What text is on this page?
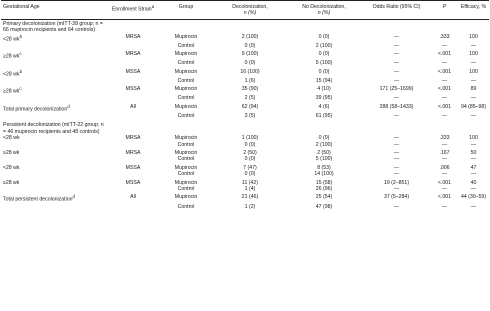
Gestational Age	Enrollment Strain$^a$	Group	Decolonization,
n (%)	No Decolonization,
n (%)	Odds Ratio (95% CI)	P	Efficacy, %
Primary decolonization (mITT-38 group; n = 66 mupirocin recipients and 64 controls)							
<28 $wk^b$	MRSA	Mupirocin	2 (100)	0 (0)	—	.333	100
		Control	0 (0)	2 (100)	—	—	—
≥28 $wk^c$	MRSA	Mupirocin	9 (100)	0 (0)	—	<.001	100
		Control	0 (0)	5 (100)	—	—	—
<28 $wk^b$	MSSA	Mupirocin	16 (100)	0 (0)	—	<.001	100
		Control	1 (6)	15 (94)	—	—	—
≥28 $wk^c$	MSSA	Mupirocin	35 (90)	4 (10)	171 (25–1699)	<.001	89
		Control	2 (5)	39 (95)	—	—	—
Total primary decolonization$^d$	All	Mupirocin	62 (94)	4 (6)	288 (58–1433)	<.001	94 (85–98)
		Control	3 (5)	61 (95)	—	—	—
Persistent decolonization (mITT-22 group; n = 46 mupirocin recipients and 48 controls)							
<28 wk	MRSA	Mupirocin	1 (100)	0 (0)	—	.333	100
		Control	0 (0)	2 (100)	—	—	—
≥28 wk	MRSA	Mupirocin	2 (50)	2 (50)	—	.167	50
		Control	0 (0)	5 (100)	—	—	—
<28 wk	MSSA	Mupirocin	7 (47)	8 (53)	—	.006	47
		Control	0 (0)	14 (100)	—	—	—
≥28 wk	MSSA	Mupirocin	11 (42)	15 (58)	19 (2–851)	<.001	40
		Control	1 (4)	26 (96)	—	—	—
Total persistent decolonization$^d$	All	Mupirocin	21 (46)	25 (54)	37 (5–284)	<.001	44 (30–59)
		Control	1 (2)	47 (98)	—	—	—
